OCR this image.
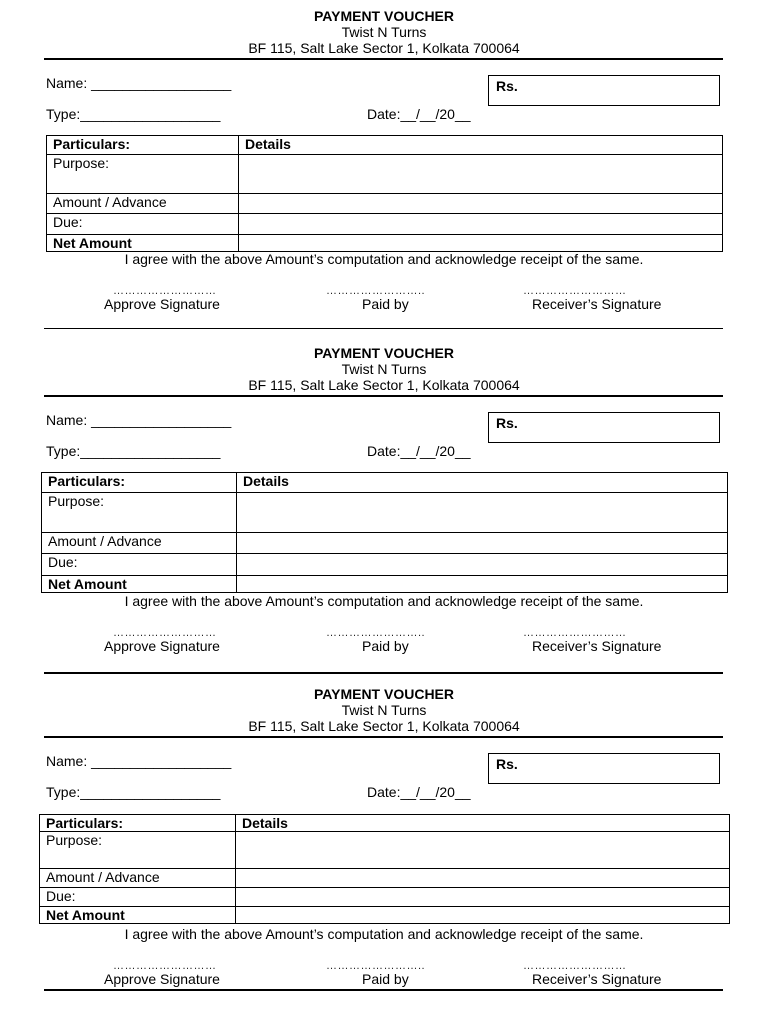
PAYMENT VOUCHER
Twist N Turns
BF 115, Salt Lake Sector 1, Kolkata 700064
Name: __________________
Type:__________________	Date:__/__/20__
Rs.
Particulars:	Details
Purpose:	
Amount / Advance	
Due:	
Net Amount	
I agree with the above Amount’s computation and acknowledge receipt of the same.
………………………
Approve Signature
……………………..
Paid by
………………………
Receiver’s Signature
PAYMENT VOUCHER
Twist N Turns
BF 115, Salt Lake Sector 1, Kolkata 700064
Name: __________________
Type:__________________	Date:__/__/20__
Rs.
Particulars:	Details
Purpose:	
Amount / Advance	
Due:	
Net Amount	
I agree with the above Amount’s computation and acknowledge receipt of the same.
………………………
Approve Signature
……………………..
Paid by
………………………
Receiver’s Signature
PAYMENT VOUCHER
Twist N Turns
BF 115, Salt Lake Sector 1, Kolkata 700064
Name: __________________
Type:__________________	Date:__/__/20__
Rs.
Particulars:	Details
Purpose:	
Amount / Advance	
Due:	
Net Amount	
I agree with the above Amount’s computation and acknowledge receipt of the same.
………………………
Approve Signature
……………………..
Paid by
………………………
Receiver’s Signature
